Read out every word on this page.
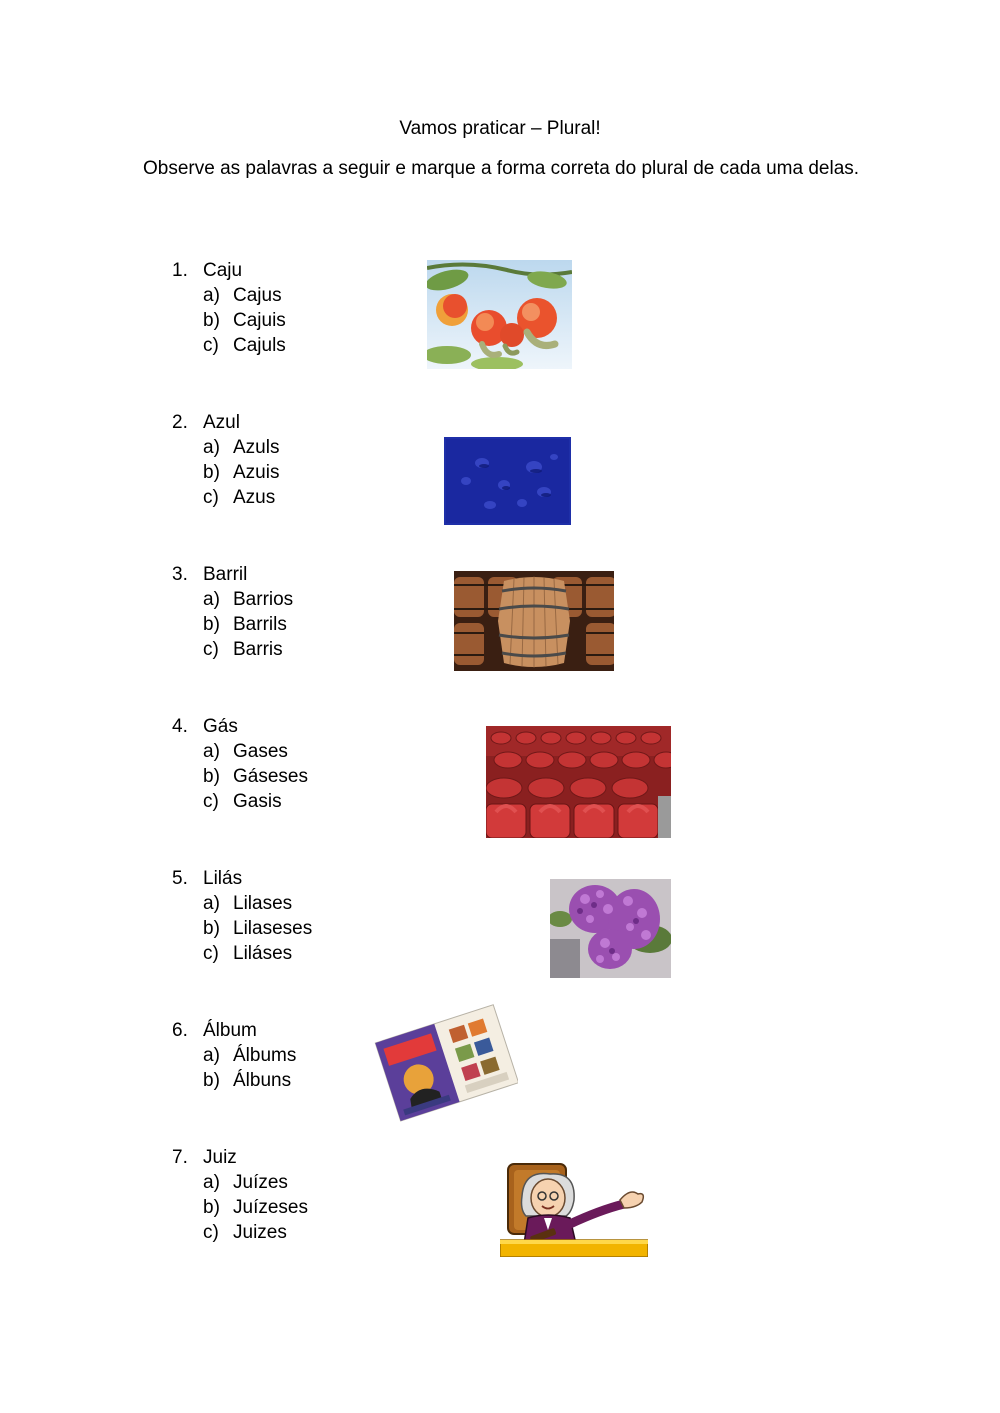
Vamos praticar – Plural!
Observe as palavras a seguir e marque a forma correta do plural de cada uma delas.
1. Caju
a) Cajus
b) Cajuis
c) Cajuls
2. Azul
a) Azuls
b) Azuis
c) Azus
3. Barril
a) Barrios
b) Barrils
c) Barris
4. Gás
a) Gases
b) Gáseses
c) Gasis
5. Lilás
a) Lilases
b) Lilaseses
c) Liláses
6. Álbum
a) Álbums
b) Álbuns
7. Juiz
a) Juízes
b) Juízeses
c) Juizes
